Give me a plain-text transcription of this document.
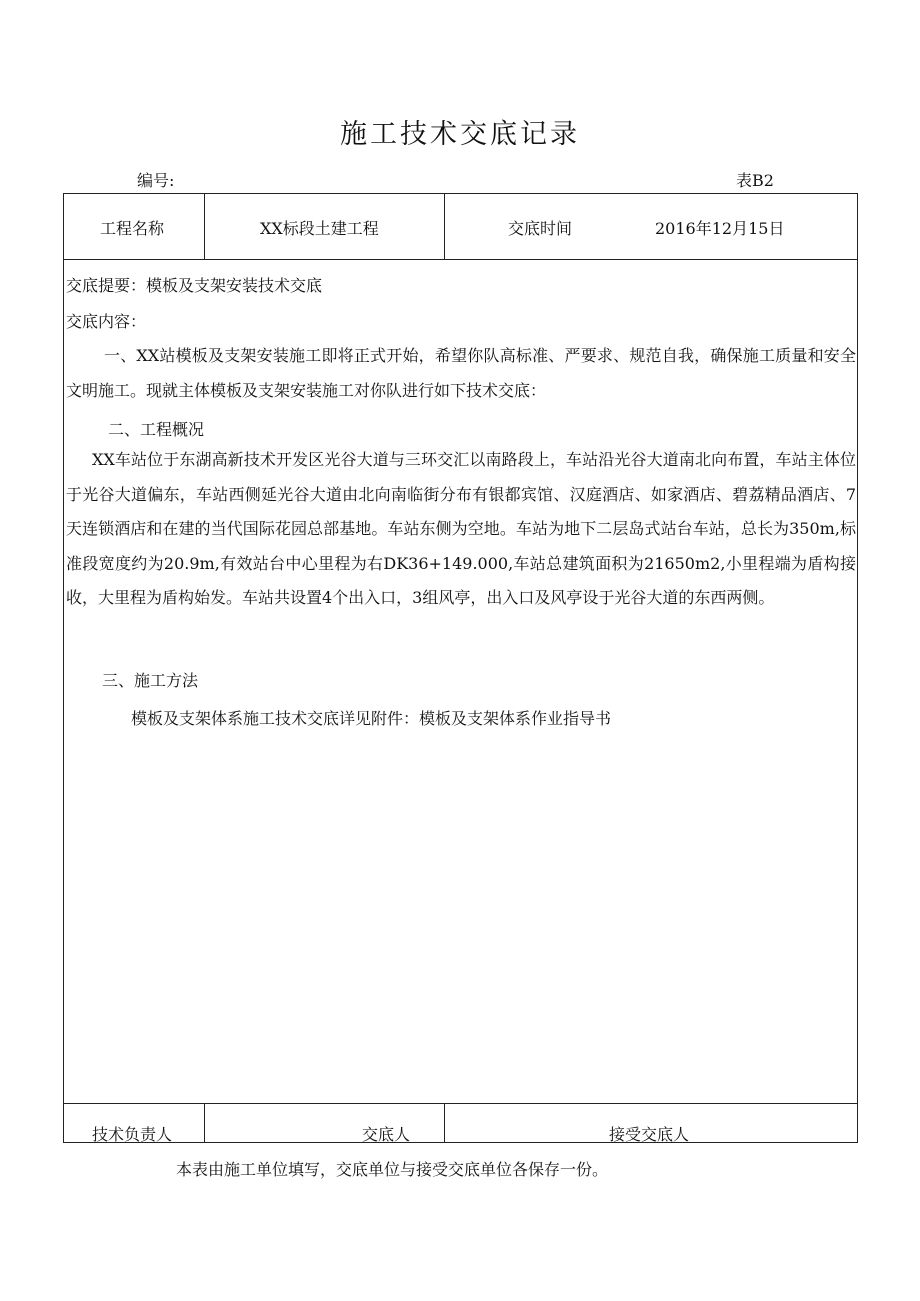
施工技术交底记录
编号:	表B2
工程名称	XX标段土建工程	交底时间	2016年12月15日
交底提要：模板及支架安装技术交底
交底内容：

一、XX站模板及支架安装施工即将正式开始，希望你队高标准、严要求、规范自我，确保施工质量和安全文明施工。现就主体模板及支架安装施工对你队进行如下技术交底：

二、工程概况

XX车站位于东湖高新技术开发区光谷大道与三环交汇以南路段上，车站沿光谷大道南北向布置，车站主体位于光谷大道偏东，车站西侧延光谷大道由北向南临街分布有银都宾馆、汉庭酒店、如家酒店、碧荔精品酒店、7天连锁酒店和在建的当代国际花园总部基地。车站东侧为空地。车站为地下二层岛式站台车站，总长为350m,标准段宽度约为20.9m,有效站台中心里程为右DK36+149.000,车站总建筑面积为21650m2,小里程端为盾构接收，大里程为盾构始发。车站共设置4个出入口，3组风亭，出入口及风亭设于光谷大道的东西两侧。

三、施工方法
模板及支架体系施工技术交底详见附件：模板及支架体系作业指导书
技术负责人	交底人	接受交底人
本表由施工单位填写，交底单位与接受交底单位各保存一份。
